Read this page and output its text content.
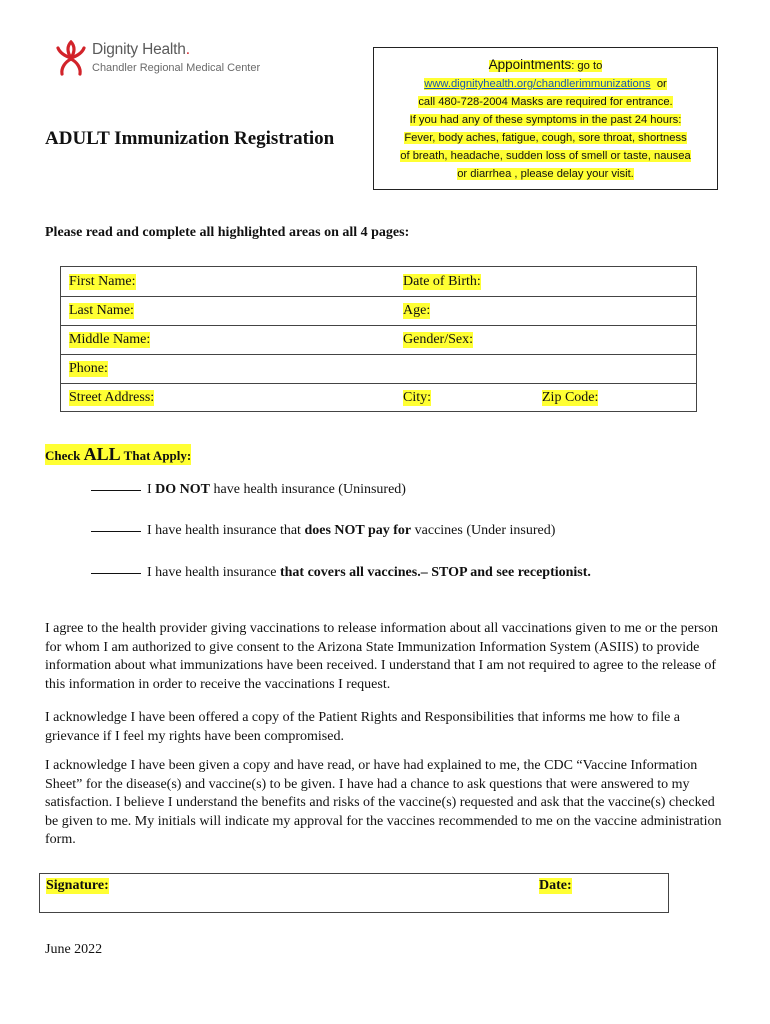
Dignity Health.
Chandler Regional Medical Center
ADULT Immunization Registration
Appointments: go to
www.dignityhealth.org/chandlerimmunizations or
call 480-728-2004 Masks are required for entrance.
If you had any of these symptoms in the past 24 hours:
Fever, body aches, fatigue, cough, sore throat, shortness
of breath, headache, sudden loss of smell or taste, nausea
or diarrhea , please delay your visit.
Please read and complete all highlighted areas on all 4 pages:
First Name:	Date of Birth:
Last Name:	Age:
Middle Name:	Gender/Sex:
Phone:
Street Address:	City:	Zip Code:
Check ALL That Apply:
I DO NOT have health insurance (Uninsured)
I have health insurance that does NOT pay for vaccines (Under insured)
I have health insurance that covers all vaccines.– STOP and see receptionist.
I agree to the health provider giving vaccinations to release information about all vaccinations given to me or the person for whom I am authorized to give consent to the Arizona State Immunization Information System (ASIIS) to provide information about what immunizations have been received. I understand that I am not required to agree to the release of this information in order to receive the vaccinations I request.
I acknowledge I have been offered a copy of the Patient Rights and Responsibilities that informs me how to file a grievance if I feel my rights have been compromised.
I acknowledge I have been given a copy and have read, or have had explained to me, the CDC “Vaccine Information Sheet” for the disease(s) and vaccine(s) to be given. I have had a chance to ask questions that were answered to my satisfaction. I believe I understand the benefits and risks of the vaccine(s) requested and ask that the vaccine(s) checked be given to me. My initials will indicate my approval for the vaccines recommended to me on the vaccine administration form.
Signature:	Date:
June 2022
